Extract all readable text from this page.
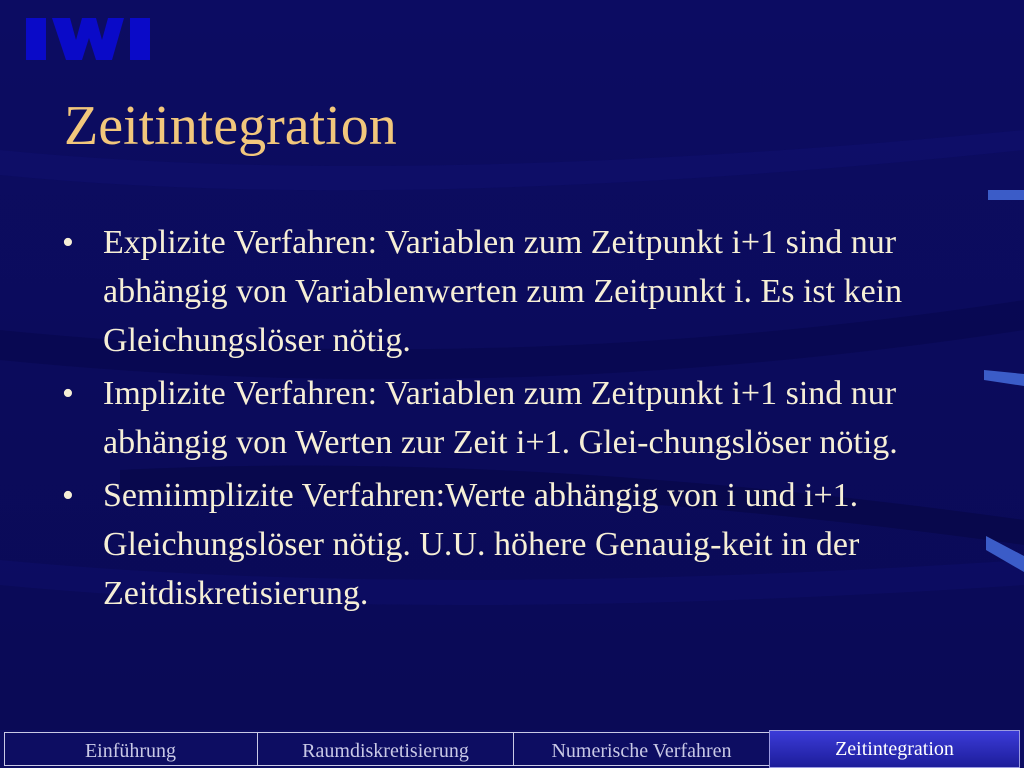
Zeitintegration
• Explizite Verfahren: Variablen zum Zeitpunkt i+1 sind nur abhängig von Variablenwerten zum Zeitpunkt i. Es ist kein Gleichungslöser nötig.
• Implizite Verfahren: Variablen zum Zeitpunkt i+1 sind nur abhängig von Werten zur Zeit i+1. Glei-chungslöser nötig.
• Semiimplizite Verfahren:Werte abhängig von i und i+1. Gleichungslöser nötig. U.U. höhere Genauig-keit in der Zeitdiskretisierung.
Einführung	Raumdiskretisierung	Numerische Verfahren	Zeitintegration
